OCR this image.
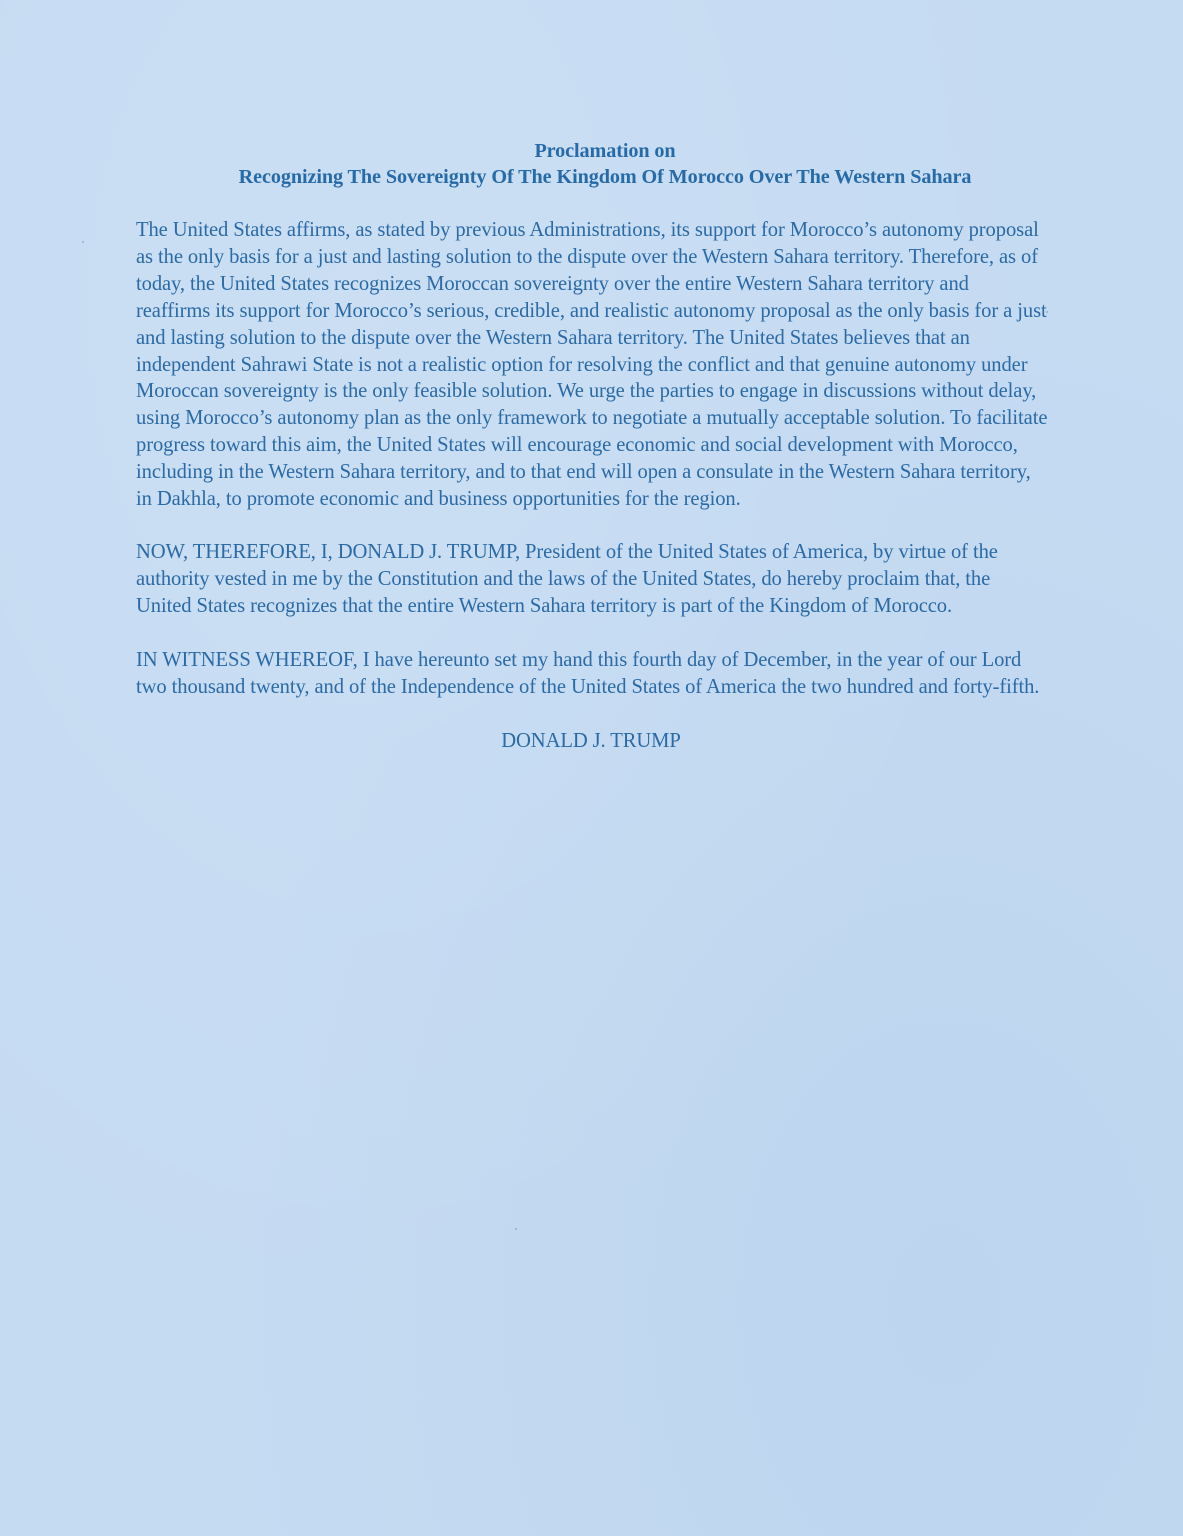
Proclamation on
Recognizing The Sovereignty Of The Kingdom Of Morocco Over The Western Sahara

The United States affirms, as stated by previous Administrations, its support for Morocco’s autonomy proposal as the only basis for a just and lasting solution to the dispute over the Western Sahara territory. Therefore, as of today, the United States recognizes Moroccan sovereignty over the entire Western Sahara territory and reaffirms its support for Morocco’s serious, credible, and realistic autonomy proposal as the only basis for a just and lasting solution to the dispute over the Western Sahara territory. The United States believes that an independent Sahrawi State is not a realistic option for resolving the conflict and that genuine autonomy under Moroccan sovereignty is the only feasible solution. We urge the parties to engage in discussions without delay, using Morocco’s autonomy plan as the only framework to negotiate a mutually acceptable solution. To facilitate progress toward this aim, the United States will encourage economic and social development with Morocco, including in the Western Sahara territory, and to that end will open a consulate in the Western Sahara territory, in Dakhla, to promote economic and business opportunities for the region.

NOW, THEREFORE, I, DONALD J. TRUMP, President of the United States of America, by virtue of the authority vested in me by the Constitution and the laws of the United States, do hereby proclaim that, the United States recognizes that the entire Western Sahara territory is part of the Kingdom of Morocco.

IN WITNESS WHEREOF, I have hereunto set my hand this fourth day of December, in the year of our Lord two thousand twenty, and of the Independence of the United States of America the two hundred and forty-fifth.

DONALD J. TRUMP
